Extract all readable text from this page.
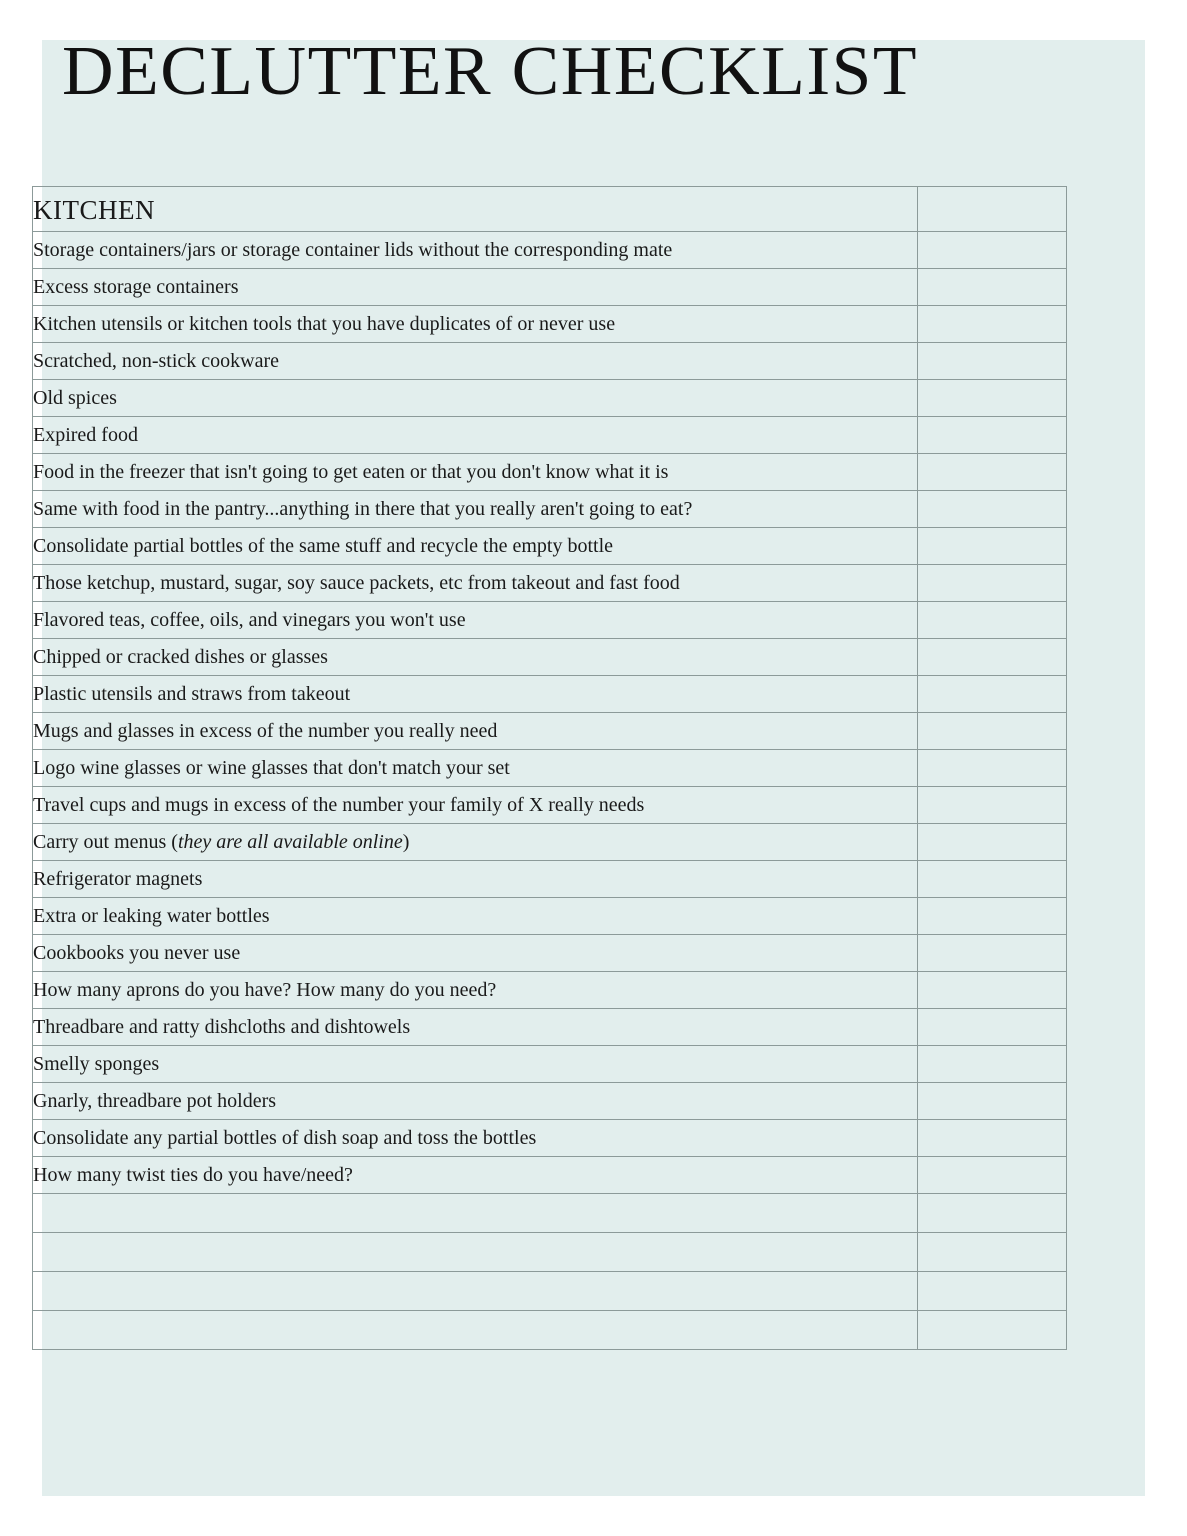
DECLUTTER CHECKLIST
KITCHEN	
Storage containers/jars or storage container lids without the corresponding mate	
Excess storage containers	
Kitchen utensils or kitchen tools that you have duplicates of or never use	
Scratched, non-stick cookware	
Old spices	
Expired food	
Food in the freezer that isn't going to get eaten or that you don't know what it is	
Same with food in the pantry...anything in there that you really aren't going to eat?	
Consolidate partial bottles of the same stuff and recycle the empty bottle	
Those ketchup, mustard, sugar, soy sauce packets, etc from takeout and fast food	
Flavored teas, coffee, oils, and vinegars you won't use	
Chipped or cracked dishes or glasses	
Plastic utensils and straws from takeout	
Mugs and glasses in excess of the number you really need	
Logo wine glasses or wine glasses that don't match your set	
Travel cups and mugs in excess of the number your family of X really needs	
Carry out menus (they are all available online)	
Refrigerator magnets	
Extra or leaking water bottles	
Cookbooks you never use	
How many aprons do you have? How many do you need?	
Threadbare and ratty dishcloths and dishtowels	
Smelly sponges	
Gnarly, threadbare pot holders	
Consolidate any partial bottles of dish soap and toss the bottles	
How many twist ties do you have/need?	
